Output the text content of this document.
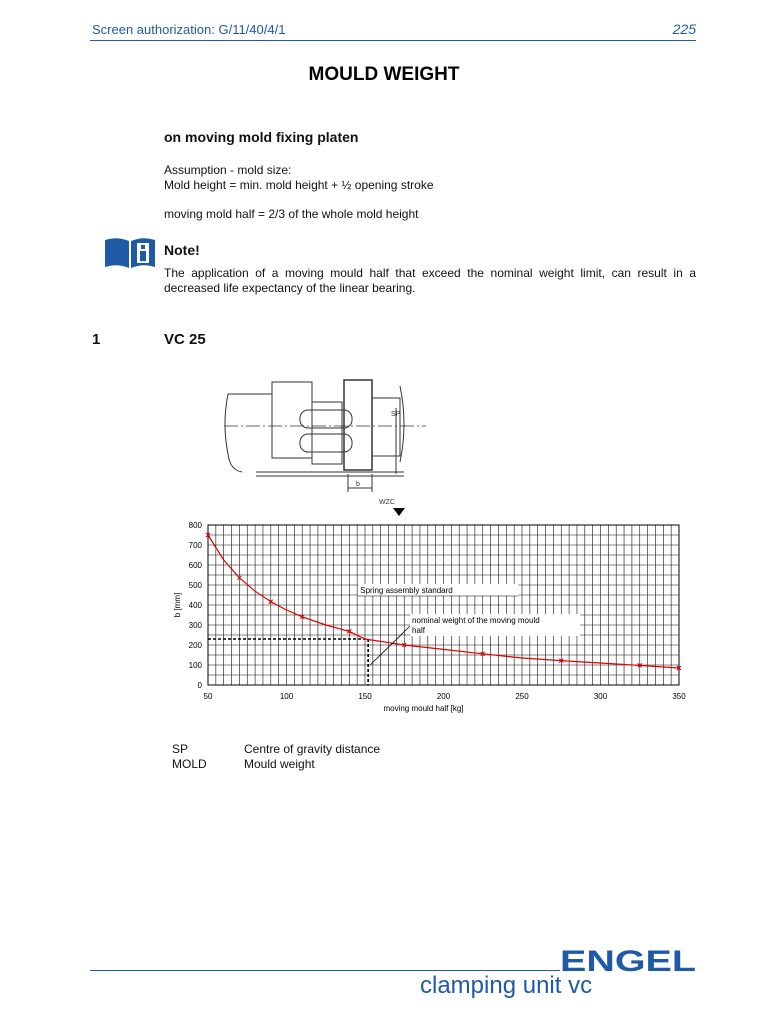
Screen authorization: G/11/40/4/1	225
MOULD WEIGHT
on moving mold fixing platen
Assumption - mold size:
Mold height = min. mold height + ½ opening stroke
moving mold half = 2/3 of the whole mold height
Note!
The application of a moving mould half that exceed the nominal weight limit, can result in a decreased life expectancy of the linear bearing.
1	VC 25
SP
b
WZC
0
100
200
300
400
500
600
700
800
50	100	150	200	250	300	350
moving mould half [kg]
b [mm]
Spring assembly standard
nominal weight of the moving mould
half
SP	Centre of gravity distance
MOLD	Mould weight
ENGEL
clamping unit vc
